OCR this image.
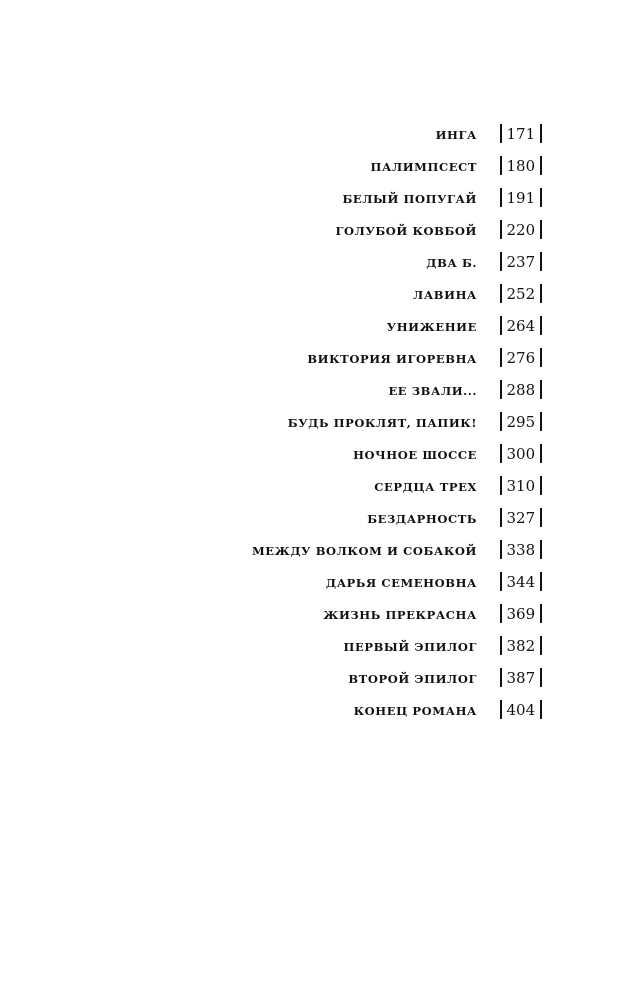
ИНГА	171
ПАЛИМПСЕСТ	180
БЕЛЫЙ ПОПУГАЙ	191
ГОЛУБОЙ КОВБОЙ	220
ДВА Б.	237
ЛАВИНА	252
УНИЖЕНИЕ	264
ВИКТОРИЯ ИГОРЕВНА	276
ЕЕ ЗВАЛИ...	288
БУДЬ ПРОКЛЯТ, ПАПИК!	295
НОЧНОЕ ШОССЕ	300
СЕРДЦА ТРЕХ	310
БЕЗДАРНОСТЬ	327
МЕЖДУ ВОЛКОМ И СОБАКОЙ	338
ДАРЬЯ СЕМЕНОВНА	344
ЖИЗНЬ ПРЕКРАСНА	369
ПЕРВЫЙ ЭПИЛОГ	382
ВТОРОЙ ЭПИЛОГ	387
КОНЕЦ РОМАНА	404
